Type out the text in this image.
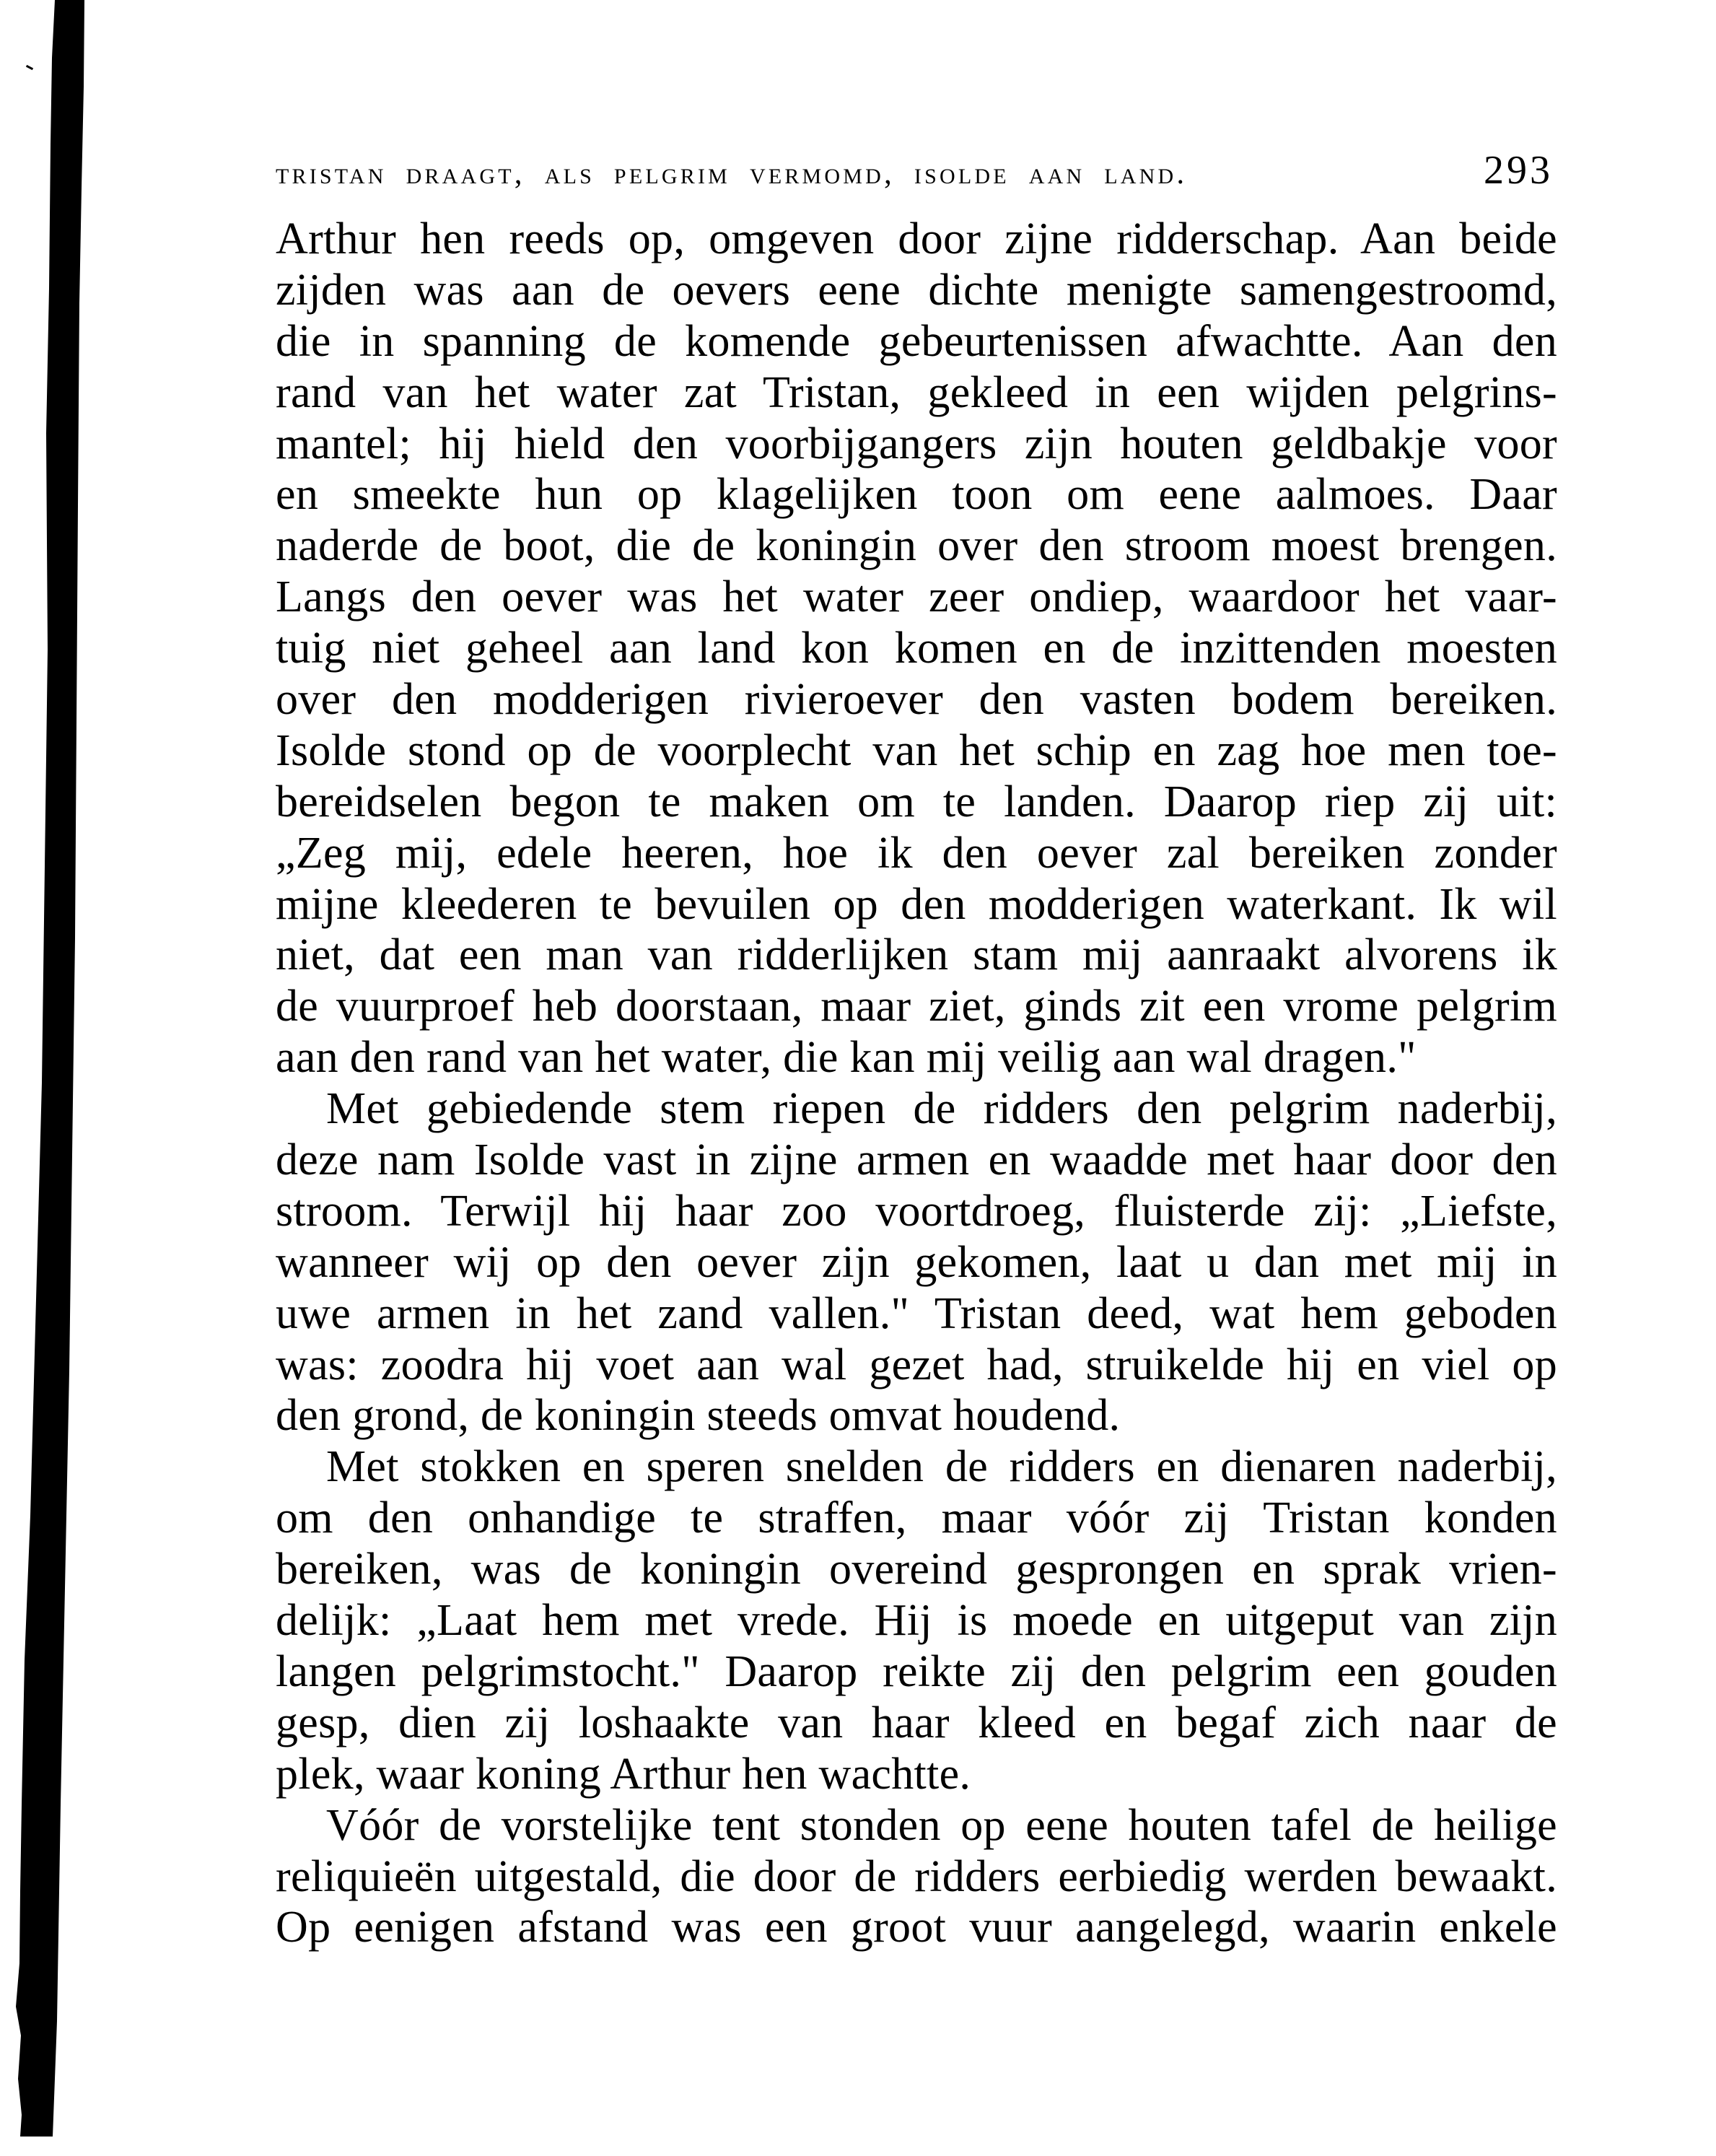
tristan draagt, als pelgrim vermomd, isolde aan land.	293
Arthur hen reeds op, omgeven door zijne ridderschap. Aan beide
zijden was aan de oevers eene dichte menigte samengestroomd,
die in spanning de komende gebeurtenissen afwachtte. Aan den
rand van het water zat Tristan, gekleed in een wijden pelgrins-
mantel; hij hield den voorbijgangers zijn houten geldbakje voor
en smeekte hun op klagelijken toon om eene aalmoes. Daar
naderde de boot, die de koningin over den stroom moest brengen.
Langs den oever was het water zeer ondiep, waardoor het vaar-
tuig niet geheel aan land kon komen en de inzittenden moesten
over den modderigen rivieroever den vasten bodem bereiken.
Isolde stond op de voorplecht van het schip en zag hoe men toe-
bereidselen begon te maken om te landen. Daarop riep zij uit:
„Zeg mij, edele heeren, hoe ik den oever zal bereiken zonder
mijne kleederen te bevuilen op den modderigen waterkant. Ik wil
niet, dat een man van ridderlijken stam mij aanraakt alvorens ik
de vuurproef heb doorstaan, maar ziet, ginds zit een vrome pelgrim
aan den rand van het water, die kan mij veilig aan wal dragen."
Met gebiedende stem riepen de ridders den pelgrim naderbij,
deze nam Isolde vast in zijne armen en waadde met haar door den
stroom. Terwijl hij haar zoo voortdroeg, fluisterde zij: „Liefste,
wanneer wij op den oever zijn gekomen, laat u dan met mij in
uwe armen in het zand vallen." Tristan deed, wat hem geboden
was: zoodra hij voet aan wal gezet had, struikelde hij en viel op
den grond, de koningin steeds omvat houdend.
Met stokken en speren snelden de ridders en dienaren naderbij,
om den onhandige te straffen, maar vóór zij Tristan konden
bereiken, was de koningin overeind gesprongen en sprak vrien-
delijk: „Laat hem met vrede. Hij is moede en uitgeput van zijn
langen pelgrimstocht." Daarop reikte zij den pelgrim een gouden
gesp, dien zij loshaakte van haar kleed en begaf zich naar de
plek, waar koning Arthur hen wachtte.
Vóór de vorstelijke tent stonden op eene houten tafel de heilige
reliquieën uitgestald, die door de ridders eerbiedig werden bewaakt.
Op eenigen afstand was een groot vuur aangelegd, waarin enkele
